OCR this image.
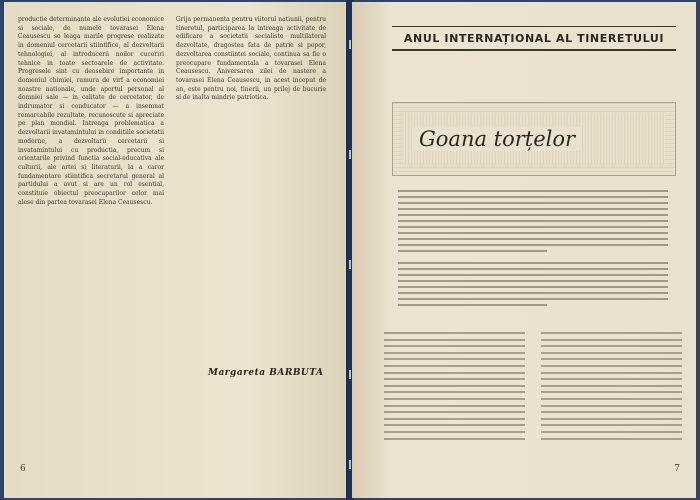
productie determinante ale evolutiei economice si sociale, de numele tovarasei Elena Ceausescu se leaga marile progrese realizate in domeniul cercetarii stiintifice, al dezvoltarii tehnologiei, al introducerii noilor cuceriri tehnice in toate sectoarele de activitate. Progresele sint cu deosebire importante in domeniul chimiei, ramura de virf a economiei noastre nationale, unde aportul personal al domniei sale — in calitate de cercetator, de indrumator si conducator — a insemnat remarcabile rezultate, recunoscute si apreciate pe plan mondial. Intreaga problematica a dezvoltarii invatamintului in conditiile societatii moderne, a dezvoltarii cercetarii si invatamintului cu productia, precum si orientarile privind functia social-educativa ale culturii, ale artei si literaturii, la a caror fundamentare stiintifica secretarul general al partidului a avut si are un rol esential, constituie obiectul preocuparilor celor mai alese din partea tovarasei Elena Ceausescu.
Grija permanenta pentru viitorul natiunii, pentru tineretul, participarea la intreaga activitate de edificare a societatii socialiste multilateral dezvoltate, dragostea fata de patrie si popor, dezvoltarea constiintei sociale, continua sa fie o preocupare fundamentala a tovarasei Elena Ceausescu. Aniversarea zilei de nastere a tovarasei Elena Ceausescu, in acest inceput de an, este pentru noi, tinerii, un prilej de bucurie si de inalta mindrie patriotica.
Margareta BARBUTA
6
ANUL INTERNAȚIONAL AL TINERETULUI
Goana torțelor
7
